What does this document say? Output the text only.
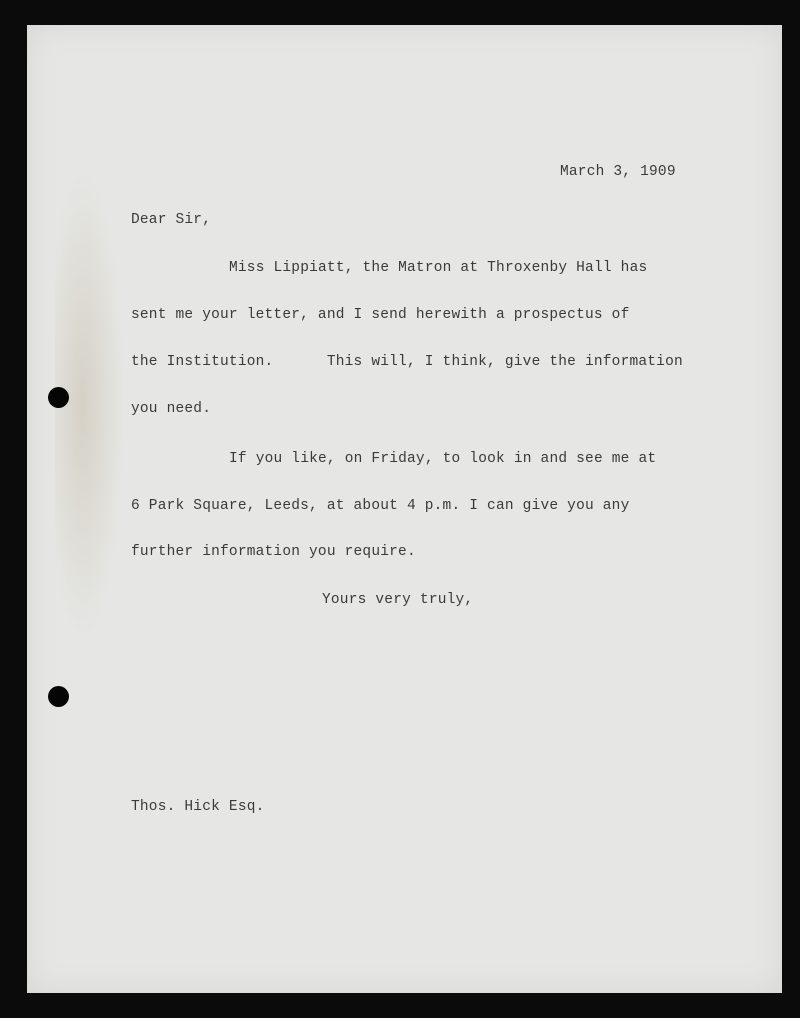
March 3, 1909

Dear Sir,

Miss Lippiatt, the Matron at Throxenby Hall has

sent me your letter, and I send herewith a prospectus of

the Institution.      This will, I think, give the information

you need.

If you like, on Friday, to look in and see me at

6 Park Square, Leeds, at about 4 p.m. I can give you any

further information you require.

Yours very truly,

Thos. Hick Esq.
